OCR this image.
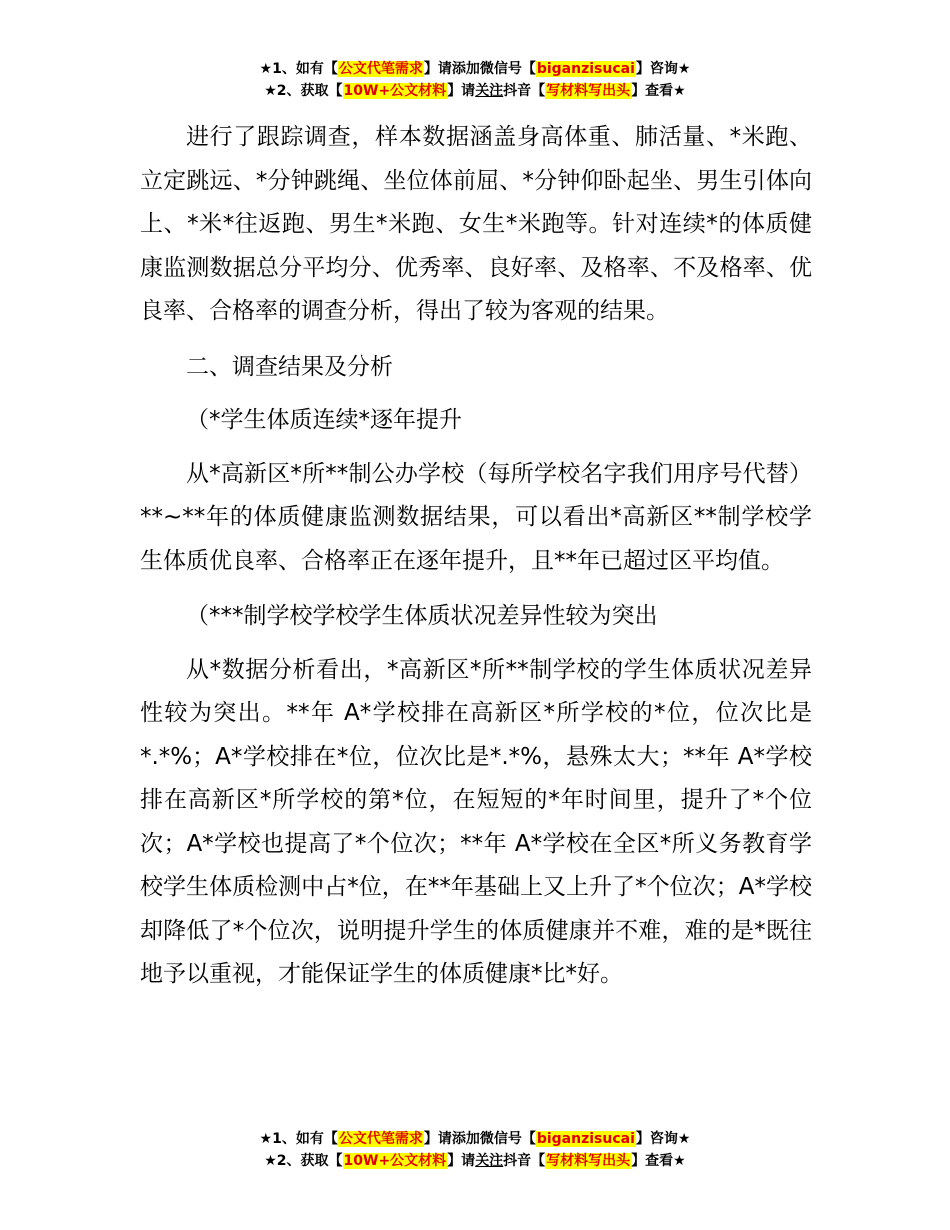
★1、如有【公文代笔需求】请添加微信号【biganzisucai】咨询★
★2、获取【10W+公文材料】请关注抖音【写材料写出头】查看★

进行了跟踪调查，样本数据涵盖身高体重、肺活量、*米跑、立定跳远、*分钟跳绳、坐位体前屈、*分钟仰卧起坐、男生引体向上、*米*往返跑、男生*米跑、女生*米跑等。针对连续*的体质健康监测数据总分平均分、优秀率、良好率、及格率、不及格率、优良率、合格率的调查分析，得出了较为客观的结果。

二、调查结果及分析

（*学生体质连续*逐年提升

从*高新区*所**制公办学校（每所学校名字我们用序号代替）**~**年的体质健康监测数据结果，可以看出*高新区**制学校学生体质优良率、合格率正在逐年提升，且**年已超过区平均值。

（***制学校学校学生体质状况差异性较为突出

从*数据分析看出，*高新区*所**制学校的学生体质状况差异性较为突出。**年 A*学校排在高新区*所学校的*位，位次比是*.*%；A*学校排在*位，位次比是*.*%，悬殊太大；**年 A*学校排在高新区*所学校的第*位，在短短的*年时间里，提升了*个位次；A*学校也提高了*个位次；**年 A*学校在全区*所义务教育学校学生体质检测中占*位，在**年基础上又上升了*个位次；A*学校却降低了*个位次，说明提升学生的体质健康并不难，难的是*既往地予以重视，才能保证学生的体质健康*比*好。

★1、如有【公文代笔需求】请添加微信号【biganzisucai】咨询★
★2、获取【10W+公文材料】请关注抖音【写材料写出头】查看★
